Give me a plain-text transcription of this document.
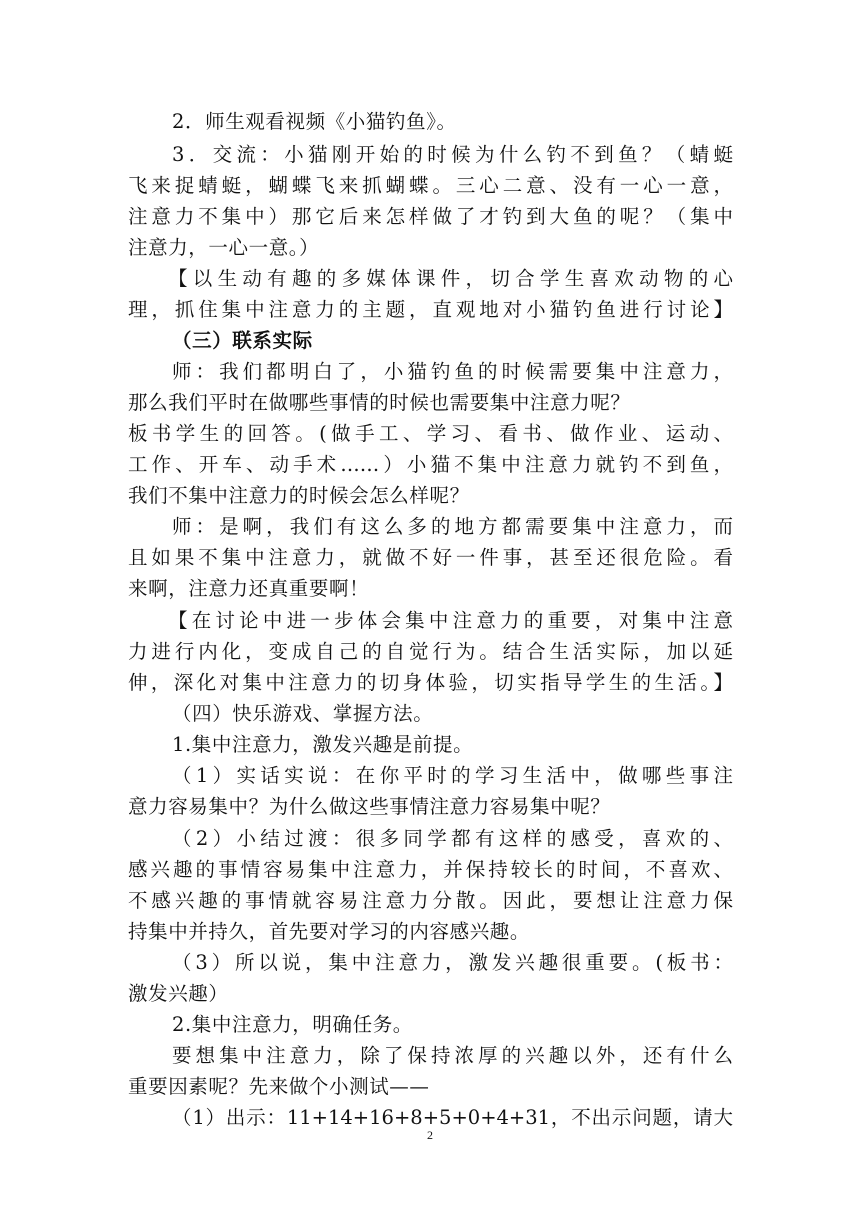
2．师生观看视频《小猫钓鱼》。
3．交流：小猫刚开始的时候为什么钓不到鱼？（蜻蜓
飞来捉蜻蜓，蝴蝶飞来抓蝴蝶。三心二意、没有一心一意，
注意力不集中）那它后来怎样做了才钓到大鱼的呢？（集中
注意力，一心一意。）
【以生动有趣的多媒体课件，切合学生喜欢动物的心
理，抓住集中注意力的主题，直观地对小猫钓鱼进行讨论】
（三）联系实际
师：我们都明白了，小猫钓鱼的时候需要集中注意力，
那么我们平时在做哪些事情的时候也需要集中注意力呢？
板书学生的回答。(做手工、学习、看书、做作业、运动、
工作、开车、动手术……）小猫不集中注意力就钓不到鱼，
我们不集中注意力的时候会怎么样呢？
师：是啊，我们有这么多的地方都需要集中注意力，而
且如果不集中注意力，就做不好一件事，甚至还很危险。看
来啊，注意力还真重要啊！
【在讨论中进一步体会集中注意力的重要，对集中注意
力进行内化，变成自己的自觉行为。结合生活实际，加以延
伸，深化对集中注意力的切身体验，切实指导学生的生活。】
（四）快乐游戏、掌握方法。
1.集中注意力，激发兴趣是前提。
（1）实话实说：在你平时的学习生活中，做哪些事注
意力容易集中？为什么做这些事情注意力容易集中呢？
（2）小结过渡：很多同学都有这样的感受，喜欢的、
感兴趣的事情容易集中注意力，并保持较长的时间，不喜欢、
不感兴趣的事情就容易注意力分散。因此，要想让注意力保
持集中并持久，首先要对学习的内容感兴趣。
（3）所以说，集中注意力，激发兴趣很重要。(板书：
激发兴趣）
2.集中注意力，明确任务。
要想集中注意力，除了保持浓厚的兴趣以外，还有什么
重要因素呢？先来做个小测试——
（1）出示：11+14+16+8+5+0+4+31，不出示问题，请大
2
